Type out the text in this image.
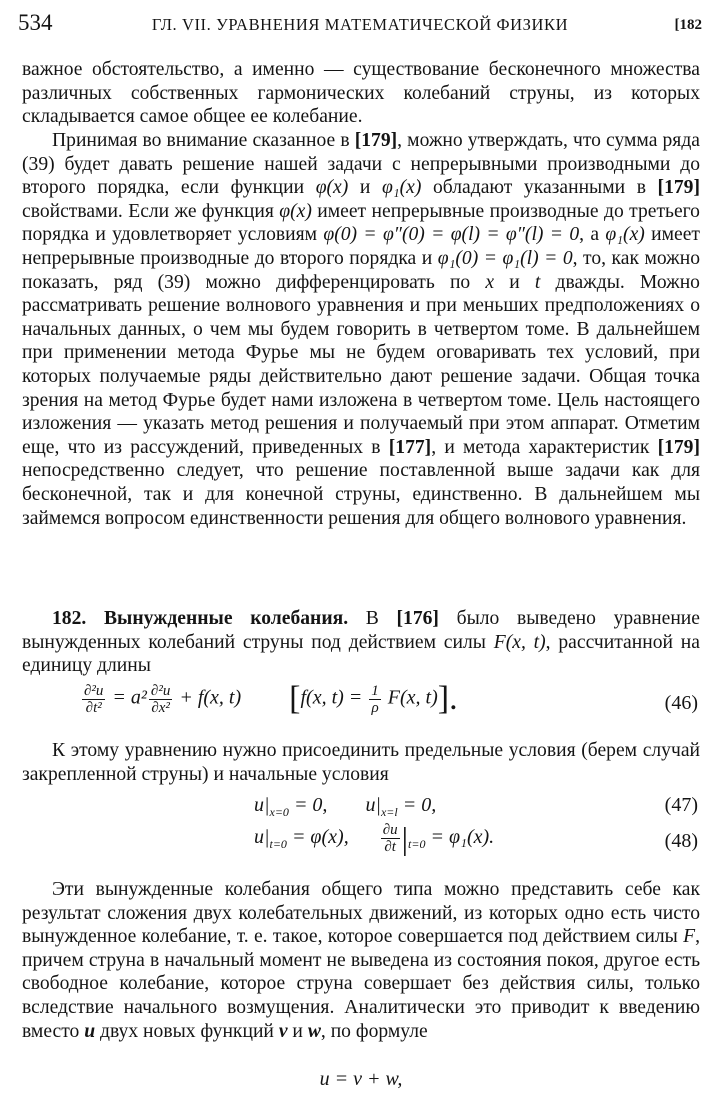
534	ГЛ. VII. УРАВНЕНИЯ МАТЕМАТИЧЕСКОЙ ФИЗИКИ	[182

важное обстоятельство, а именно — существование бесконечного множества различных собственных гармонических колебаний струны, из которых складывается самое общее ее колебание.

Принимая во внимание сказанное в [179], можно утверждать, что сумма ряда (39) будет давать решение нашей задачи с непрерывными производными до второго порядка, если функции φ(x) и φ₁(x) обладают указанными в [179] свойствами. Если же функция φ(x) имеет непрерывные производные до третьего порядка и удовлетворяет условиям φ(0) = φ″(0) = φ(l) = φ″(l) = 0, а φ₁(x) имеет непрерывные производные до второго порядка и φ₁(0) = φ₁(l) = 0, то, как можно показать, ряд (39) можно дифференцировать по x и t дважды. Можно рассматривать решение волнового уравнения и при меньших предположениях о начальных данных, о чем мы будем говорить в четвертом томе. В дальнейшем при применении метода Фурье мы не будем оговаривать тех условий, при которых получаемые ряды действительно дают решение задачи. Общая точка зрения на метод Фурье будет нами изложена в четвертом томе. Цель настоящего изложения — указать метод решения и получаемый при этом аппарат. Отметим еще, что из рассуждений, приведенных в [177], и метода характеристик [179] непосредственно следует, что решение поставленной выше задачи как для бесконечной, так и для конечной струны, единственно. В дальнейшем мы займемся вопросом единственности решения для общего волнового уравнения.

182. Вынужденные колебания. В [176] было выведено уравнение вынужденных колебаний струны под действием силы F(x, t), рассчитанной на единицу длины

$\frac{\text{∂²u}}{\text{∂t²}} = a^2 \frac{\text{∂²u}}{\text{∂x²}} + f(x$, t) [f(x, $t) = \frac{1}{\rho} F(x$, t)].	(46)

К этому уравнению нужно присоединить предельные условия (берем случай закрепленной струны) и начальные условия

$u|_{x=0} = 0$, $u|_{x=l} = 0$,	(47)
$u|_{t=0} = \varphi(x)$, $\frac{\partial u}{\partial t} |_{t=0} = \varphi_1(x)$.	(48)

Эти вынужденные колебания общего типа можно представить себе как результат сложения двух колебательных движений, из которых одно есть чисто вынужденное колебание, т. е. такое, которое совершается под действием силы F, причем струна в начальный момент не выведена из состояния покоя, другое есть свободное колебание, которое струна совершает без действия силы, только вследствие начального возмущения. Аналитически это приводит к введению вместо u двух новых функций v и w, по формуле

u = v + w,
